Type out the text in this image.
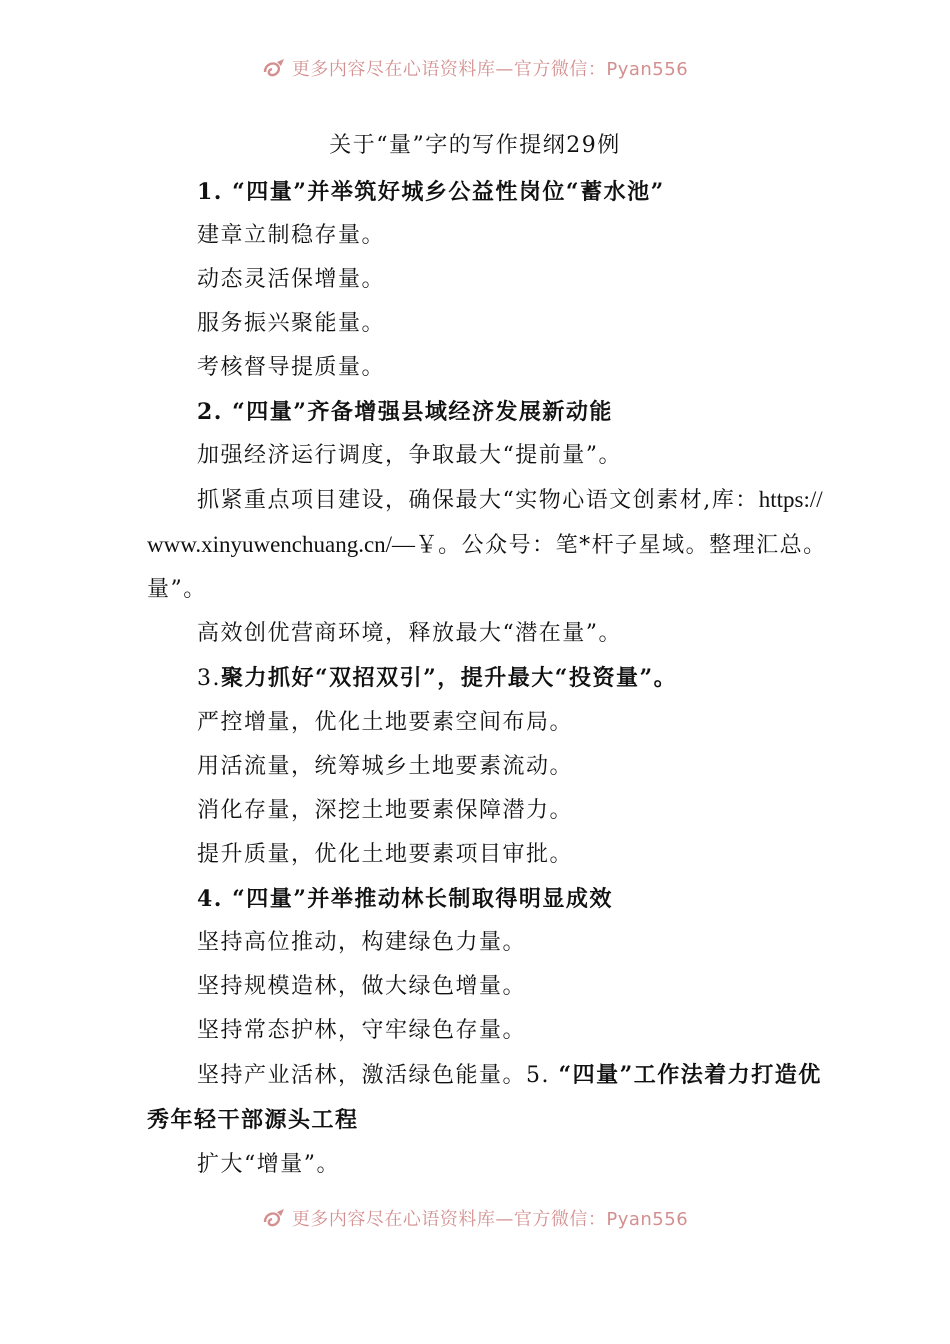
更多内容尽在心语资料库—官方微信：Pyan556
关于“量”字的写作提纲29例
1. “四量”并举筑好城乡公益性岗位“蓄水池”
建章立制稳存量。
动态灵活保增量。
服务振兴聚能量。
考核督导提质量。
2. “四量”齐备增强县域经济发展新动能
加强经济运行调度，争取最大“提前量”。
抓紧重点项目建设，确保最大“实物心语文创素材,库：https://www.xinyuwenchuang.cn/—￥。公众号：笔*杆子星域。整理汇总。量”。
高效创优营商环境，释放最大“潜在量”。
3.聚力抓好“双招双引”，提升最大“投资量”。
严控增量，优化土地要素空间布局。
用活流量，统筹城乡土地要素流动。
消化存量，深挖土地要素保障潜力。
提升质量，优化土地要素项目审批。
4. “四量”并举推动林长制取得明显成效
坚持高位推动，构建绿色力量。
坚持规模造林，做大绿色增量。
坚持常态护林，守牢绿色存量。
坚持产业活林，激活绿色能量。5. “四量”工作法着力打造优秀年轻干部源头工程
扩大“增量”。
更多内容尽在心语资料库—官方微信：Pyan556
